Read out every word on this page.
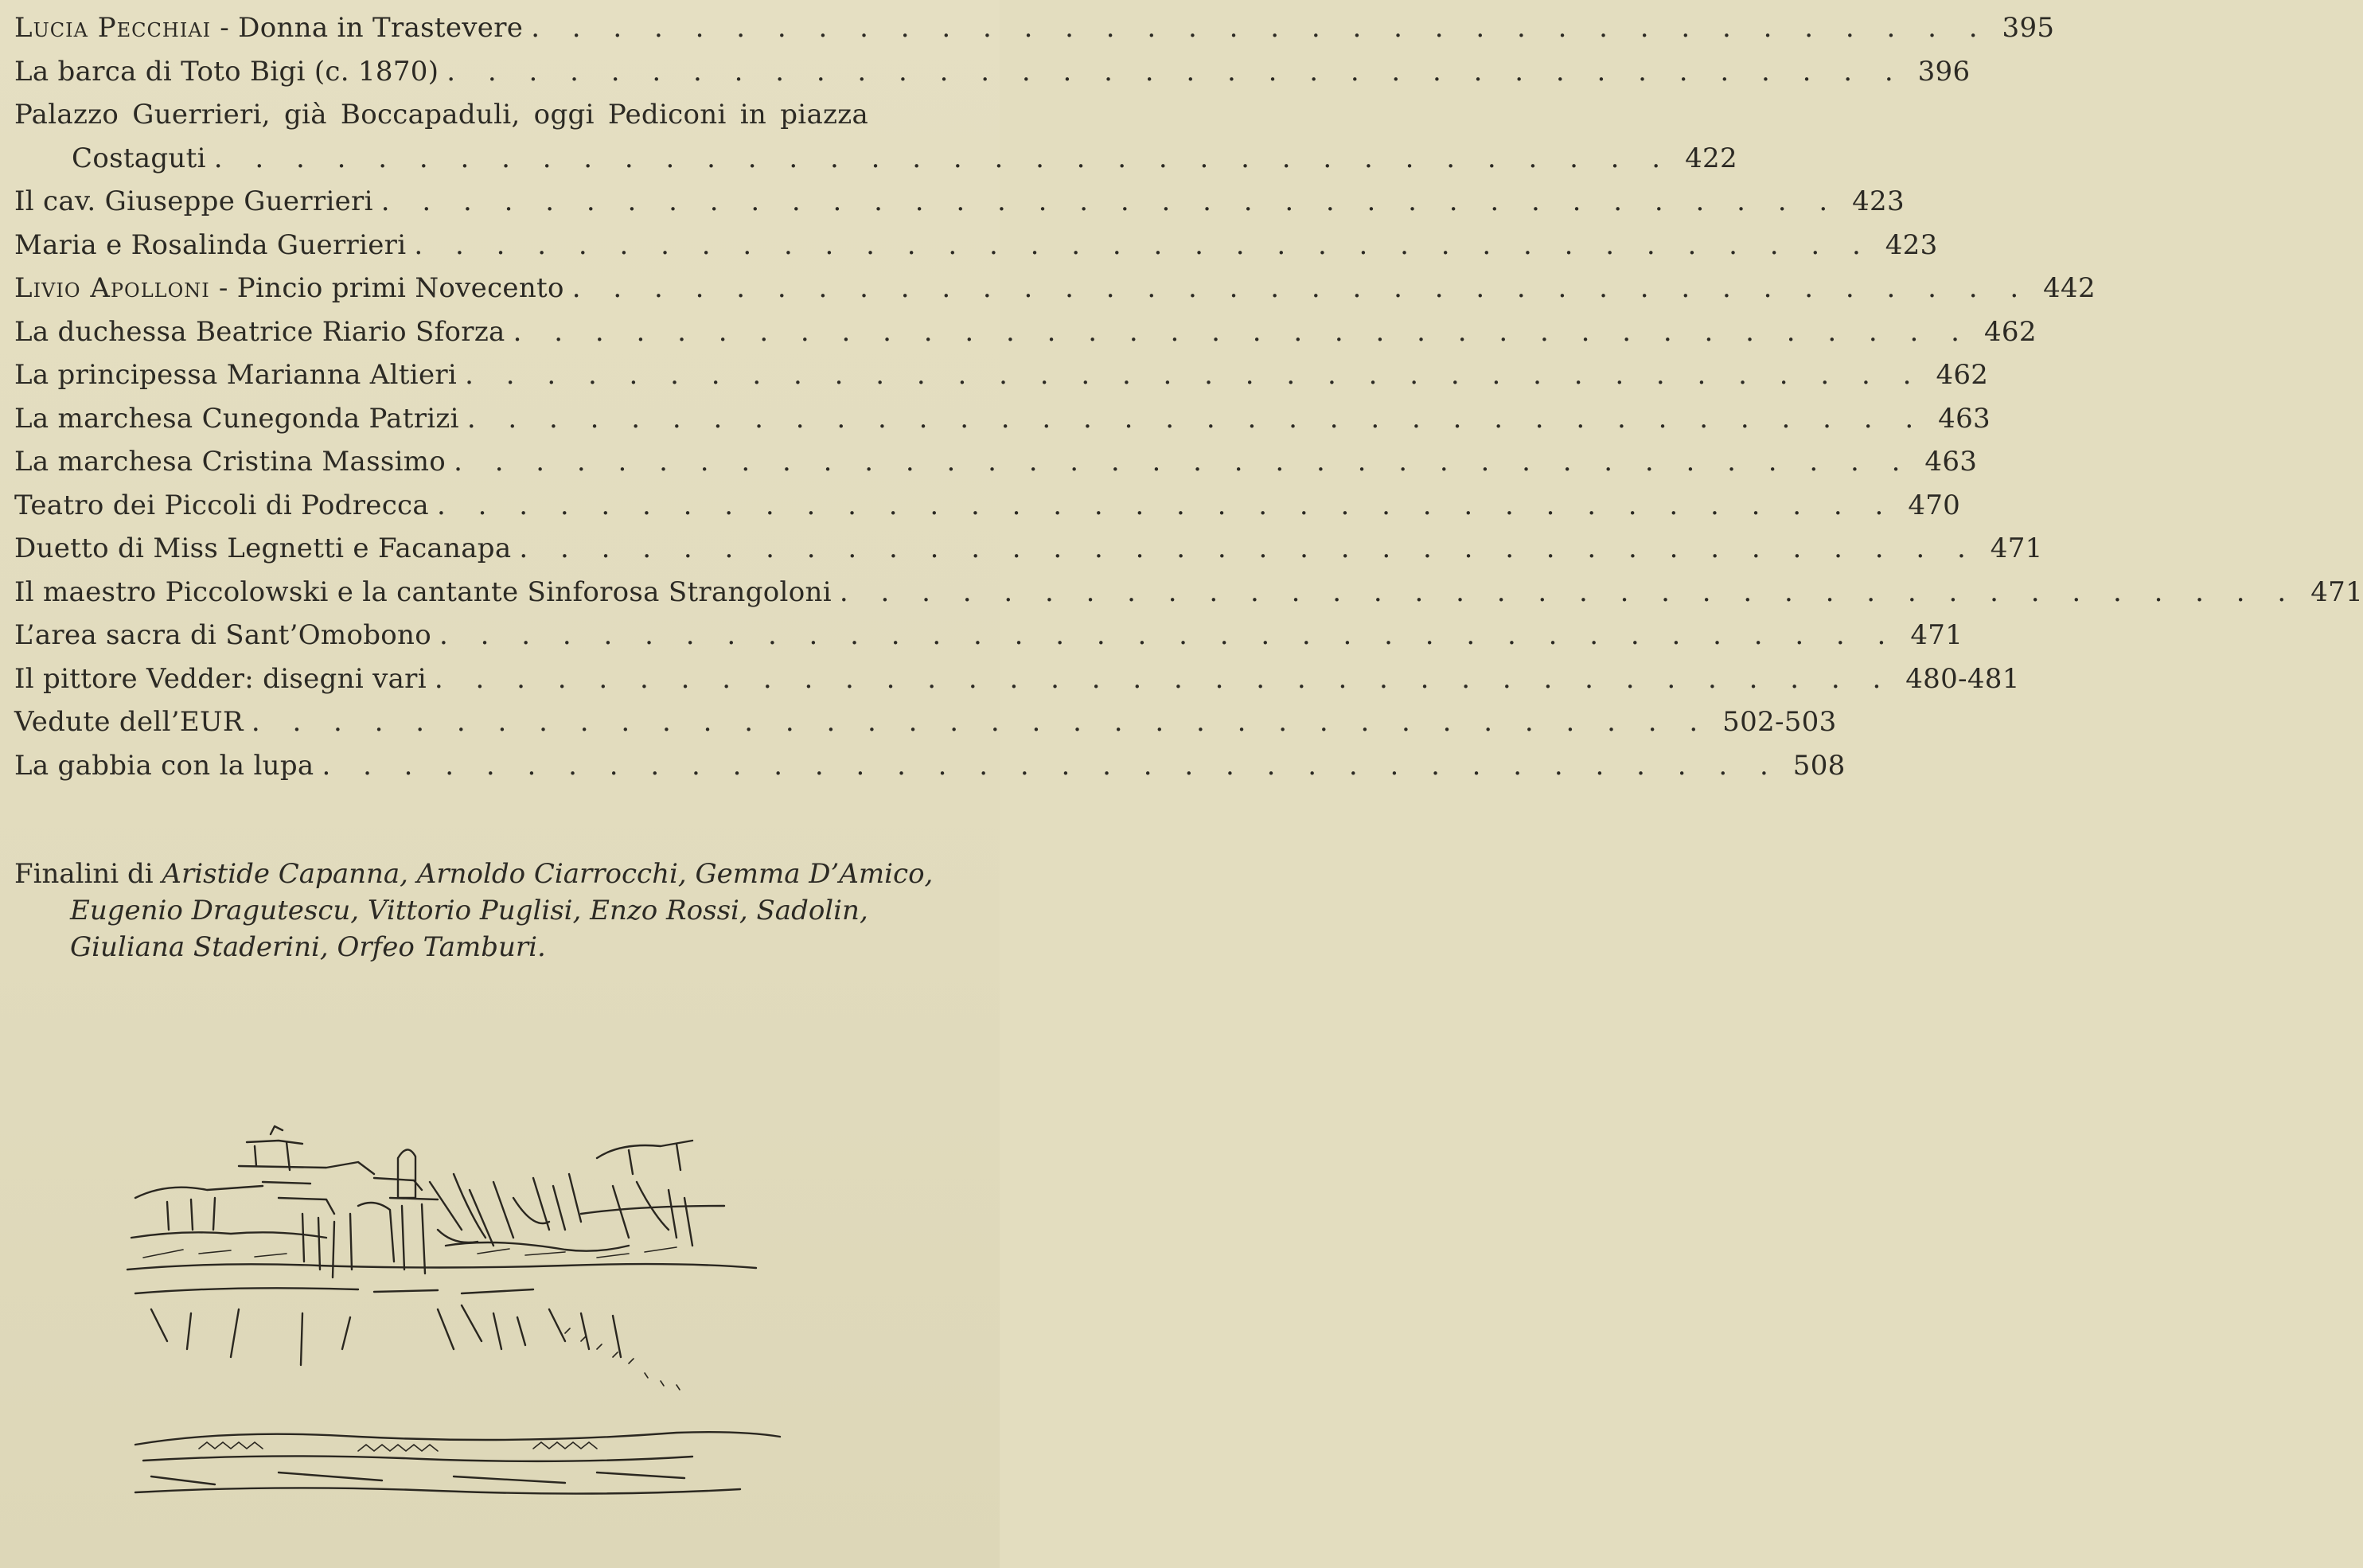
Lucia Pecchiai - Donna in Trastevere . . . . . . . . . . . . . . . . . . . . . . . . . . . . . . . . . . . . 395
La barca di Toto Bigi (c. 1870) . . . . . . . . . . . . . . . . . . . . . . . . . . . . . . . . . . . . 396
Palazzo Guerrieri, già Boccapaduli, oggi Pediconi in piazza
Costaguti . . . . . . . . . . . . . . . . . . . . . . . . . . . . . . . . . . . . 422
Il cav. Giuseppe Guerrieri . . . . . . . . . . . . . . . . . . . . . . . . . . . . . . . . . . . . 423
Maria e Rosalinda Guerrieri . . . . . . . . . . . . . . . . . . . . . . . . . . . . . . . . . . . . 423
Livio Apolloni - Pincio primi Novecento . . . . . . . . . . . . . . . . . . . . . . . . . . . . . . . . . . . . 442
La duchessa Beatrice Riario Sforza . . . . . . . . . . . . . . . . . . . . . . . . . . . . . . . . . . . . 462
La principessa Marianna Altieri . . . . . . . . . . . . . . . . . . . . . . . . . . . . . . . . . . . . 462
La marchesa Cunegonda Patrizi . . . . . . . . . . . . . . . . . . . . . . . . . . . . . . . . . . . . 463
La marchesa Cristina Massimo . . . . . . . . . . . . . . . . . . . . . . . . . . . . . . . . . . . . 463
Teatro dei Piccoli di Podrecca . . . . . . . . . . . . . . . . . . . . . . . . . . . . . . . . . . . . 470
Duetto di Miss Legnetti e Facanapa . . . . . . . . . . . . . . . . . . . . . . . . . . . . . . . . . . . . 471
Il maestro Piccolowski e la cantante Sinforosa Strangoloni . . . . . . . . . . . . . . . . . . . . . . . . . . . . . . . . . . . . 471
L’area sacra di Sant’Omobono . . . . . . . . . . . . . . . . . . . . . . . . . . . . . . . . . . . . 471
Il pittore Vedder: disegni vari . . . . . . . . . . . . . . . . . . . . . . . . . . . . . . . . . . . . 480-481
Vedute dell’EUR . . . . . . . . . . . . . . . . . . . . . . . . . . . . . . . . . . . . 502-503
La gabbia con la lupa . . . . . . . . . . . . . . . . . . . . . . . . . . . . . . . . . . . . 508
Finalini di Aristide Capanna, Arnoldo Ciarrocchi, Gemma D’Amico,
Eugenio Dragutescu, Vittorio Puglisi, Enzo Rossi, Sadolin,
Giuliana Staderini, Orfeo Tamburi.
